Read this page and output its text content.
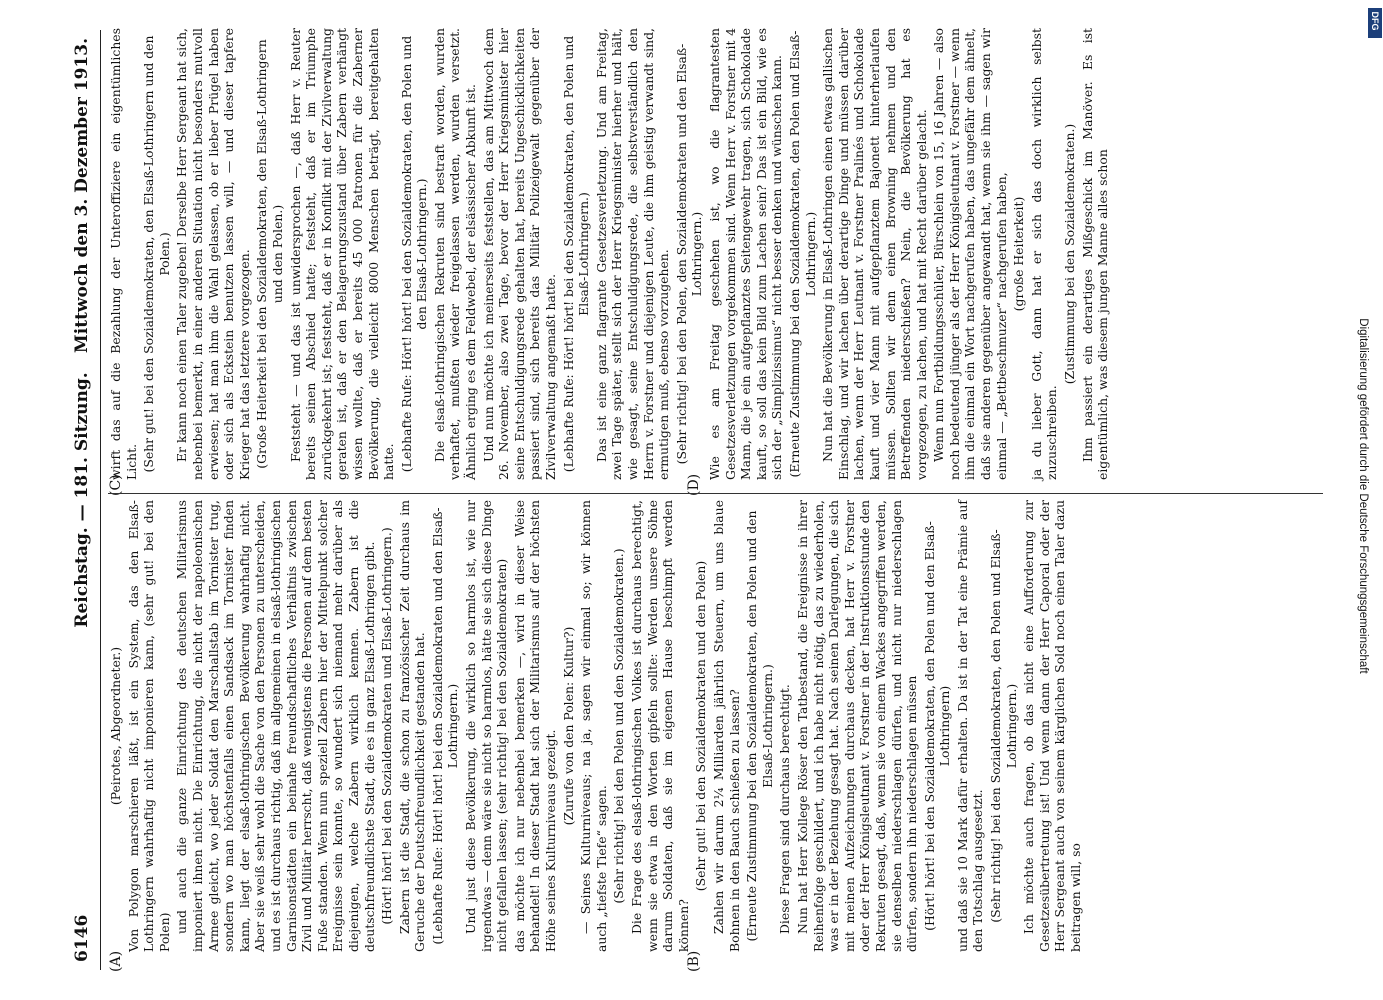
6146
Reichstag. — 181. Sitzung.
Mittwoch den 3. Dezember 1913.
(A)	(B)
(C)	(D)

(Peirotes, Abgeordneter.) Von Polygon marschieren läßt, ist ein System, das den Elsaß-Lothringern wahrhaftig nicht imponieren kann, (sehr gut! bei den Polen) und auch die ganze Einrichtung des deutschen Militarismus imponiert ihnen nicht. Die Einrichtung, die nicht der napoleonischen Armee gleicht, wo jeder Soldat den Marschallstab im Tornister trug, sondern wo man höchstenfalls einen Sandsack im Tornister finden kann, liegt der elsaß-lothringischen Bevölkerung wahrhaftig nicht. Aber sie weiß sehr wohl die Sache von den Personen zu unterscheiden, und es ist durchaus richtig, daß im allgemeinen in elsaß-lothringischen Garnisonstädten ein beinahe freundschaftliches Verhältnis zwischen Zivil und Militär herrscht, daß wenigstens die Personen auf dem besten Fuße standen. Wenn nun speziell Zabern hier der Mittelpunkt solcher Ereignisse sein konnte, so wundert sich niemand mehr darüber als diejenigen, welche Zabern wirklich kennen. Zabern ist die deutschfreundlichste Stadt, die es in ganz Elsaß-Lothringen gibt. (Hört! hört! bei den Sozialdemokraten und Elsaß-Lothringern.) Zabern ist die Stadt, die schon zu französischer Zeit durchaus im Geruche der Deutschfreundlichkeit gestanden hat. (Lebhafte Rufe: Hört! hört! bei den Sozialdemokraten und den Elsaß-Lothringern.) Und just diese Bevölkerung, die wirklich so harmlos ist, wie nur irgendwas — denn wäre sie nicht so harmlos, hätte sie sich diese Dinge nicht gefallen lassen; (sehr richtig! bei den Sozialdemokraten) das möchte ich nur nebenbei bemerken —, wird in dieser Weise behandelt! In dieser Stadt hat sich der Militarismus auf der höchsten Höhe seines Kulturniveaus gezeigt.

(Zurufe von den Polen: Kultur?) — Seines Kulturniveaus; na ja, sagen wir einmal so; wir können auch „tiefste Tiefe“ sagen. (Sehr richtig! bei den Polen und den Sozialdemokraten.) Die Frage des elsaß-lothringischen Volkes ist durchaus berechtigt, wenn sie etwa in den Worten gipfeln sollte: Werden unsere Söhne darum Soldaten, daß sie im eigenen Hause beschimpft werden können?

(Sehr gut! bei den Sozialdemokraten und den Polen) Zahlen wir darum 2¼ Milliarden jährlich Steuern, um uns blaue Bohnen in den Bauch schießen zu lassen? (Erneute Zustimmung bei den Sozialdemokraten, den Polen und den Elsaß-Lothringern.) Diese Fragen sind durchaus berechtigt. Nun hat Herr Kollege Röser den Tatbestand, die Ereignisse in ihrer Reihenfolge geschildert, und ich habe nicht nötig, das zu wiederholen, was er in der Beziehung gesagt hat. Nach seinen Darlegungen, die sich mit meinen Aufzeichnungen durchaus decken, hat Herr v. Forstner oder der Herr Königsleutnant v. Forstner in der Instruktionsstunde den Rekruten gesagt, daß, wenn sie von einem Wackes angegriffen werden, sie denselben niederschlagen dürfen, und nicht nur niederschlagen dürfen, sondern ihn niederschlagen müssen (Hört! hört! bei den Sozialdemokraten, den Polen und den Elsaß-Lothringern) und daß sie 10 Mark dafür erhalten. Da ist in der Tat eine Prämie auf den Totschlag ausgesetzt. (Sehr richtig! bei den Sozialdemokraten, den Polen und Elsaß-Lothringern.) Ich möchte auch fragen, ob das nicht eine Aufforderung zur Gesetzesübertretung ist! Und wenn dann der Herr Caporal oder der Herr Sergeant auch von seinem kärglichen Sold noch einen Taler dazu beitragen will, so

wirft das auf die Bezahlung der Unteroffiziere ein eigentümliches Licht. (Sehr gut! bei den Sozialdemokraten, den Elsaß-Lothringern und den Polen.) Er kann noch einen Taler zugeben! Derselbe Herr Sergeant hat sich, nebenbei bemerkt, in einer anderen Situation nicht besonders mutvoll erwiesen; hat man ihm die Wahl gelassen, ob er lieber Prügel haben oder sich als Eckstein benutzen lassen will, — und dieser tapfere Krieger hat das letztere vorgezogen. (Große Heiterkeit bei den Sozialdemokraten, den Elsaß-Lothringern und den Polen.) Feststeht — und das ist unwidersprochen —, daß Herr v. Reuter bereits seinen Abschied hatte; feststeht, daß er im Triumphe zurückgekehrt ist; feststeht, daß er in Konflikt mit der Zivilverwaltung geraten ist, daß er den Belagerungszustand über Zabern verhängt wissen wollte, daß er bereits 45 000 Patronen für die Zaberner Bevölkerung, die vielleicht 8000 Menschen beträgt, bereitgehalten hatte. (Lebhafte Rufe: Hört! hört! bei den Sozialdemokraten, den Polen und den Elsaß-Lothringern.) Die elsaß-lothringischen Rekruten sind bestraft worden, wurden verhaftet, mußten wieder freigelassen werden, wurden versetzt. Ähnlich erging es dem Feldwebel, der elsässischer Abkunft ist. Und nun möchte ich meinerseits feststellen, das am Mittwoch dem 26. November, also zwei Tage, bevor der Herr Kriegsminister hier seine Entschuldigungsrede gehalten hat, bereits Ungeschicklichkeiten passiert sind, sich bereits das Militär Polizeigewalt gegenüber der Zivilverwaltung angemaßt hatte. (Lebhafte Rufe: Hört! hört! bei den Sozialdemokraten, den Polen und Elsaß-Lothringern.) Das ist eine ganz flagrante Gesetzesverletzung. Und am Freitag, zwei Tage später, stellt sich der Herr Kriegsminister hierher und hält, wie gesagt, seine Entschuldigungsrede, die selbstverständlich den Herrn v. Forstner und diejenigen Leute, die ihm geistig verwandt sind, ermutigen muß, ebenso vorzugehen. (Sehr richtig! bei den Polen, den Sozialdemokraten und den Elsaß-Lothringern.) Wie es am Freitag geschehen ist, wo die flagrantesten Gesetzesverletzungen vorgekommen sind. Wenn Herr v. Forstner mit 4 Mann, die je ein aufgepflanztes Seitengewehr tragen, sich Schokolade kauft, so soll das kein Bild zum Lachen sein? Das ist ein Bild, wie es sich der „Simplizissimus“ nicht besser denken und wünschen kann. (Erneute Zustimmung bei den Sozialdemokraten, den Polen und Elsaß-Lothringern.) Nun hat die Bevölkerung in Elsaß-Lothringen einen etwas gallischen Einschlag, und wir lachen über derartige Dinge und müssen darüber lachen, wenn der Herr Leutnant v. Forstner Pralinés und Schokolade kauft und vier Mann mit aufgepflanztem Bajonett hinterherlaufen müssen. Sollten wir denn einen Browning nehmen und den Betreffenden niederschießen? Nein, die Bevölkerung hat es vorgezogen, zu lachen, und hat mit Recht darüber gelacht. Wenn nun Fortbildungsschüler, Bürschlein von 15, 16 Jahren — also noch bedeutend jünger als der Herr Königsleutnant v. Forstner — wenn ihm die einmal ein Wort nachgerufen haben, das ungefähr dem ähnelt, daß sie anderen gegenüber angewandt hat, wenn sie ihm — sagen wir einmal — „Bettbeschmuzer“ nachgerufen haben, (große Heiterkeit) ja du lieber Gott, dann hat er sich das doch wirklich selbst zuzuschreiben.

(Zustimmung bei den Sozialdemokraten.) Ihm passiert ein derartiges Mißgeschick im Manöver. Es ist eigentümlich, was diesem jungen Manne alles schon

Digitalisierung gefördert durch die Deutsche Forschungsgemeinschaft
DFG
